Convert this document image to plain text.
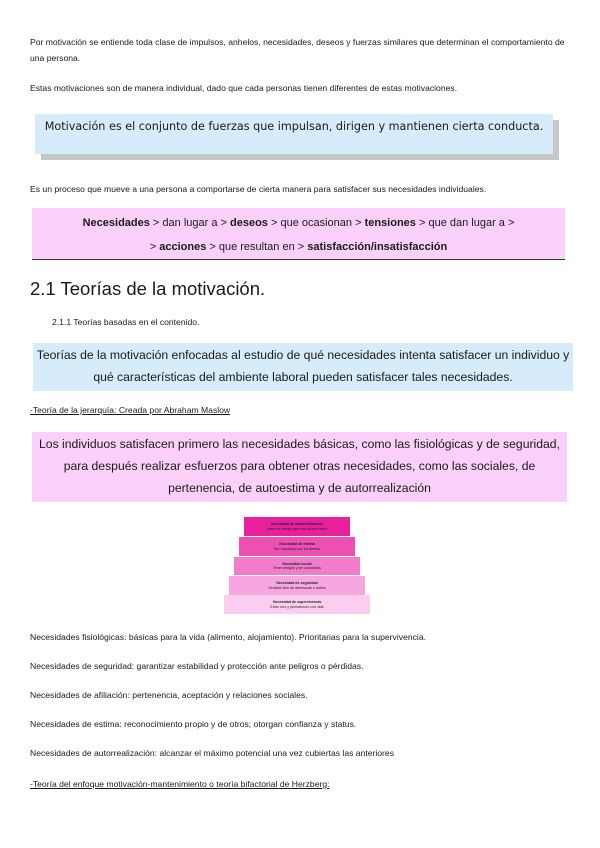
Por motivación se entiende toda clase de impulsos, anhelos, necesidades, deseos y fuerzas similares que determinan el comportamiento de una persona.
Estas motivaciones son de manera individual, dado que cada personas tienen diferentes de estas motivaciones.
Motivación es el conjunto de fuerzas que impulsan, dirigen y mantienen cierta conducta.
Es un proceso que mueve a una persona a comportarse de cierta manera para satisfacer sus necesidades individuales.
Necesidades > dan lugar a > deseos > que ocasionan > tensiones > que dan lugar a >
> acciones > que resultan en > satisfacción/insatisfacción
2.1 Teorías de la motivación.
2.1.1 Teorías basadas en el contenido.
Teorías de la motivación enfocadas al estudio de qué necesidades intenta satisfacer un individuo y qué características del ambiente laboral pueden satisfacer tales necesidades.
-Teoría de la jerarquía: Creada por Abraham Maslow
Los individuos satisfacen primero las necesidades básicas, como las fisiológicas y de seguridad, para después realizar esfuerzos para obtener otras necesidades, como las sociales, de pertenencia, de autoestima y de autorrealización
Necesidad de autorrealización
Hacer el trabajo que uno quiere hacer
Necesidad de estima
Ser respetado por los demás
Necesidad social
Tener amigos y ser aceptados
Necesidad de seguridad
Sentirse libre de amenazas o daños
Necesidad de supervivencia
Estar vivo y permanecer con vida
Necesidades fisiológicas: básicas para la vida (alimento, alojamiento). Prioritarias para la supervivencia.
Necesidades de seguridad: garantizar estabilidad y protección ante peligros o pérdidas.
Necesidades de afiliación: pertenencia, aceptación y relaciones sociales.
Necesidades de estima: reconocimiento propio y de otros; otorgan confianza y status.
Necesidades de autorrealización: alcanzar el máximo potencial una vez cubiertas las anteriores
-Teoría del enfoque motivación-mantenimiento o teoría bifactorial de Herzberg:
